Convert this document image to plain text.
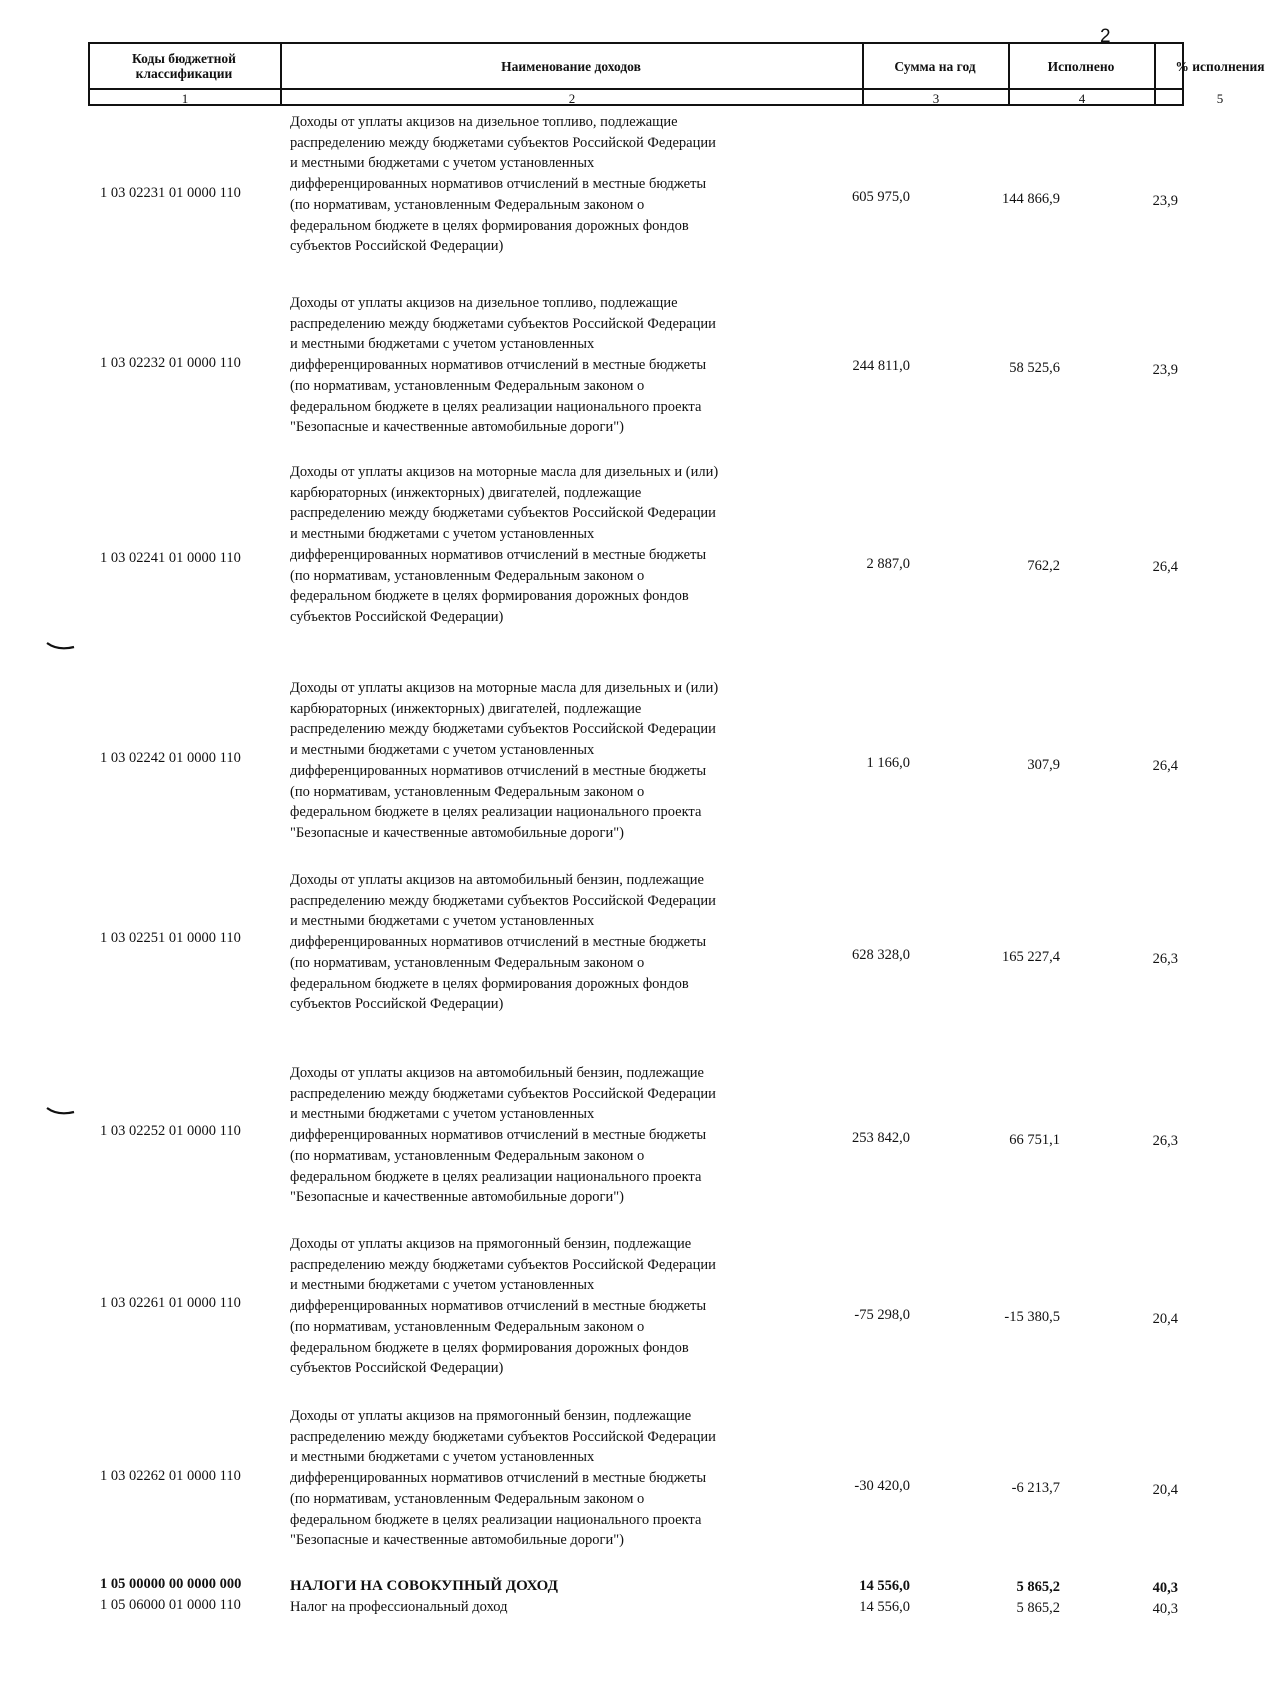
2
Коды бюджетной классификации	Наименование доходов	Сумма на год	Исполнено	% исполнения
1	2	3	4	5
1 03 02231 01 0000 110
Доходы от уплаты акцизов на дизельное топливо, подлежащие
распределению между бюджетами субъектов Российской Федерации
и местными бюджетами с учетом установленных
дифференцированных нормативов отчислений в местные бюджеты
(по нормативам, установленным Федеральным законом о
федеральном бюджете в целях формирования дорожных фондов
субъектов Российской Федерации)
605 975,0	144 866,9	23,9
1 03 02232 01 0000 110
Доходы от уплаты акцизов на дизельное топливо, подлежащие
распределению между бюджетами субъектов Российской Федерации
и местными бюджетами с учетом установленных
дифференцированных нормативов отчислений в местные бюджеты
(по нормативам, установленным Федеральным законом о
федеральном бюджете в целях реализации национального проекта
"Безопасные и качественные автомобильные дороги")
244 811,0	58 525,6	23,9
1 03 02241 01 0000 110
Доходы от уплаты акцизов на моторные масла для дизельных и (или)
карбюраторных (инжекторных) двигателей, подлежащие
распределению между бюджетами субъектов Российской Федерации
и местными бюджетами с учетом установленных
дифференцированных нормативов отчислений в местные бюджеты
(по нормативам, установленным Федеральным законом о
федеральном бюджете в целях формирования дорожных фондов
субъектов Российской Федерации)
2 887,0	762,2	26,4
1 03 02242 01 0000 110
Доходы от уплаты акцизов на моторные масла для дизельных и (или)
карбюраторных (инжекторных) двигателей, подлежащие
распределению между бюджетами субъектов Российской Федерации
и местными бюджетами с учетом установленных
дифференцированных нормативов отчислений в местные бюджеты
(по нормативам, установленным Федеральным законом о
федеральном бюджете в целях реализации национального проекта
"Безопасные и качественные автомобильные дороги")
1 166,0	307,9	26,4
1 03 02251 01 0000 110
Доходы от уплаты акцизов на автомобильный бензин, подлежащие
распределению между бюджетами субъектов Российской Федерации
и местными бюджетами с учетом установленных
дифференцированных нормативов отчислений в местные бюджеты
(по нормативам, установленным Федеральным законом о
федеральном бюджете в целях формирования дорожных фондов
субъектов Российской Федерации)
628 328,0	165 227,4	26,3
1 03 02252 01 0000 110
Доходы от уплаты акцизов на автомобильный бензин, подлежащие
распределению между бюджетами субъектов Российской Федерации
и местными бюджетами с учетом установленных
дифференцированных нормативов отчислений в местные бюджеты
(по нормативам, установленным Федеральным законом о
федеральном бюджете в целях реализации национального проекта
"Безопасные и качественные автомобильные дороги")
253 842,0	66 751,1	26,3
1 03 02261 01 0000 110
Доходы от уплаты акцизов на прямогонный бензин, подлежащие
распределению между бюджетами субъектов Российской Федерации
и местными бюджетами с учетом установленных
дифференцированных нормативов отчислений в местные бюджеты
(по нормативам, установленным Федеральным законом о
федеральном бюджете в целях формирования дорожных фондов
субъектов Российской Федерации)
-75 298,0	-15 380,5	20,4
1 03 02262 01 0000 110
Доходы от уплаты акцизов на прямогонный бензин, подлежащие
распределению между бюджетами субъектов Российской Федерации
и местными бюджетами с учетом установленных
дифференцированных нормативов отчислений в местные бюджеты
(по нормативам, установленным Федеральным законом о
федеральном бюджете в целях реализации национального проекта
"Безопасные и качественные автомобильные дороги")
-30 420,0	-6 213,7	20,4
1 05 00000 00 0000 000	НАЛОГИ НА СОВОКУПНЫЙ ДОХОД	14 556,0	5 865,2	40,3
1 05 06000 01 0000 110	Налог на профессиональный доход	14 556,0	5 865,2	40,3
